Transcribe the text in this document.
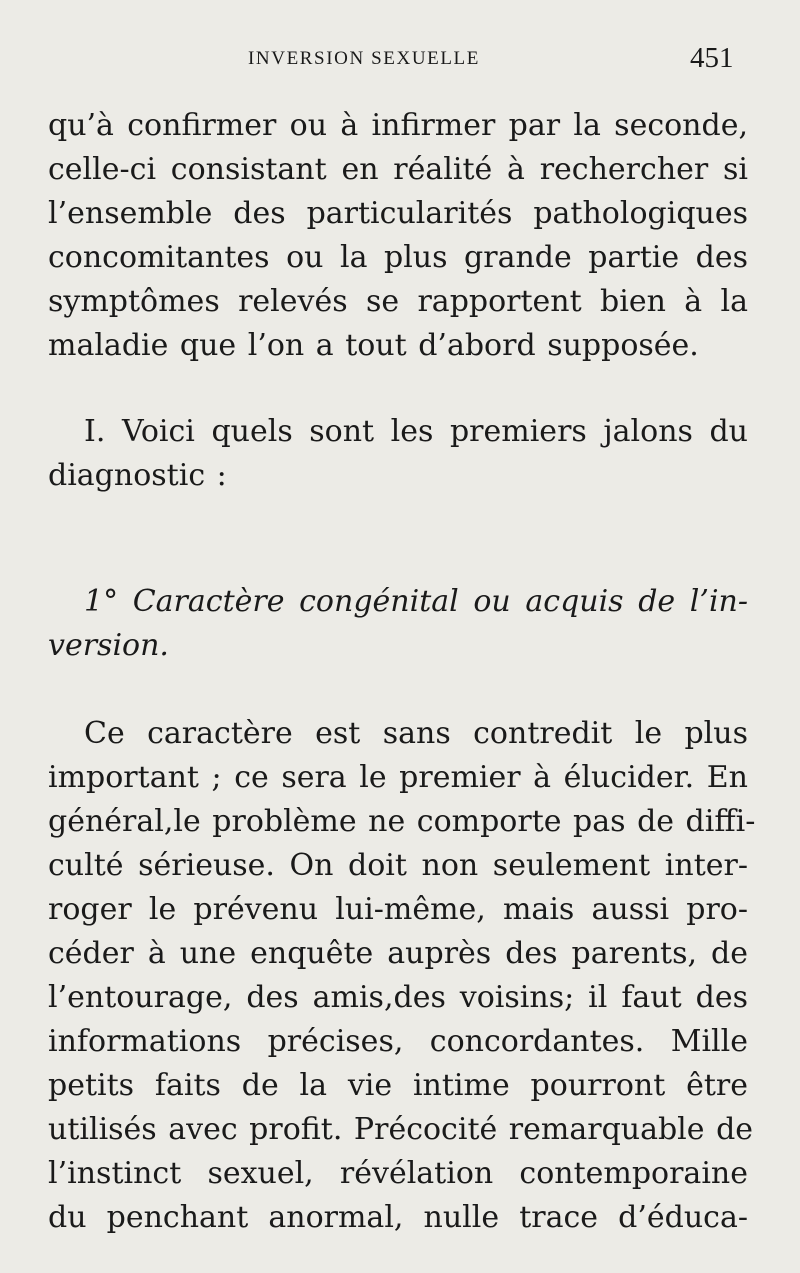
INVERSION SEXUELLE	451
qu’à confirmer ou à infirmer par la seconde,
celle-ci consistant en réalité à rechercher si
l’ensemble des particularités pathologiques
concomitantes ou la plus grande partie des
symptômes relevés se rapportent bien à la
maladie que l’on a tout d’abord supposée.
I. Voici quels sont les premiers jalons du
diagnostic :
1° Caractère congénital ou acquis de l’in-
version.
Ce caractère est sans contredit le plus
important ; ce sera le premier à élucider. En
général,le problème ne comporte pas de diffi-
culté sérieuse. On doit non seulement inter-
roger le prévenu lui-même, mais aussi pro-
céder à une enquête auprès des parents, de
l’entourage, des amis,des voisins; il faut des
informations précises, concordantes. Mille
petits faits de la vie intime pourront être
utilisés avec profit. Précocité remarquable de
l’instinct sexuel, révélation contemporaine
du penchant anormal, nulle trace d’éduca-
